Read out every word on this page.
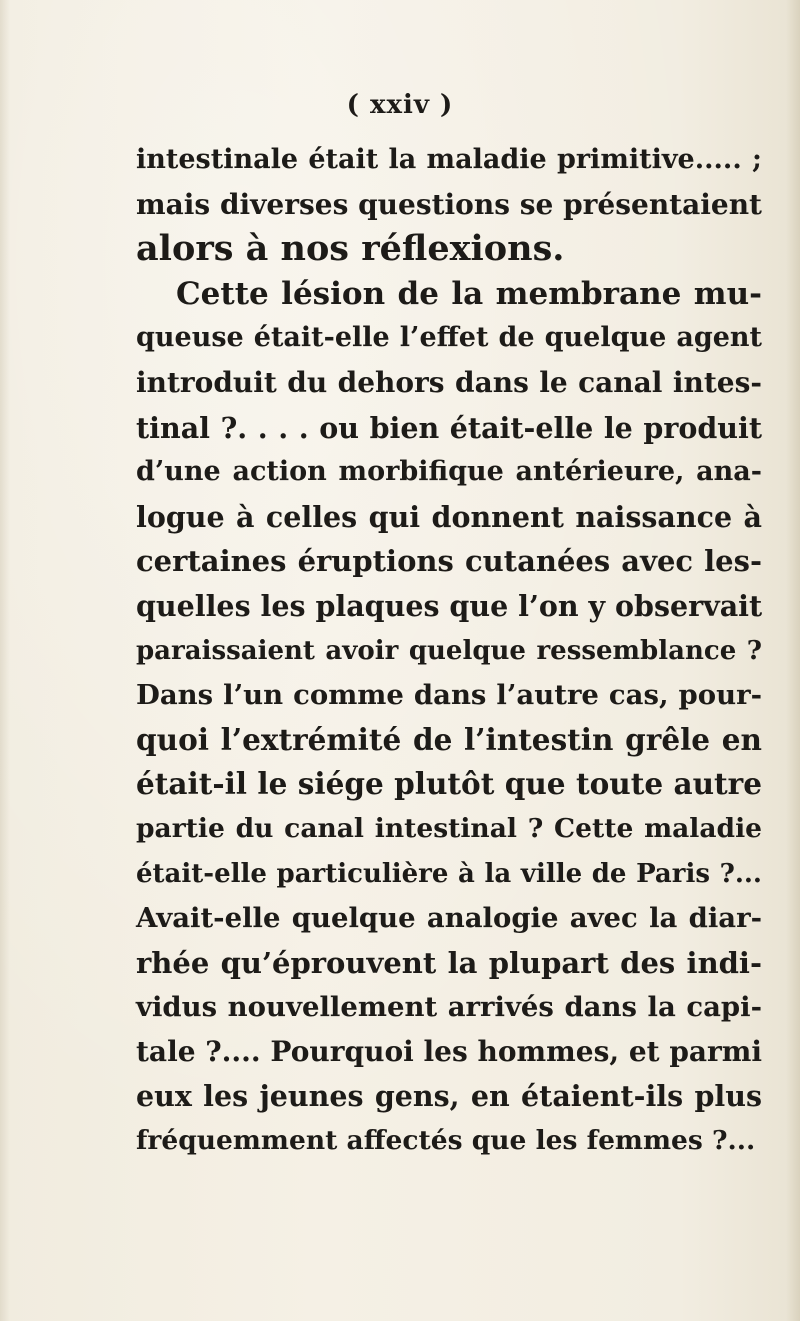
( xxiv )
intestinale était la maladie primitive..... ;
mais diverses questions se présentaient
alors à nos réflexions.
Cette lésion de la membrane mu-
queuse était-elle l’effet de quelque agent
introduit du dehors dans le canal intes-
tinal ?. . . . ou bien était-elle le produit
d’une action morbifique antérieure, ana-
logue à celles qui donnent naissance à
certaines éruptions cutanées avec les-
quelles les plaques que l’on y observait
paraissaient avoir quelque ressemblance ?
Dans l’un comme dans l’autre cas, pour-
quoi l’extrémité de l’intestin grêle en
était-il le siége plutôt que toute autre
partie du canal intestinal ? Cette maladie
était-elle particulière à la ville de Paris ?...
Avait-elle quelque analogie avec la diar-
rhée qu’éprouvent la plupart des indi-
vidus nouvellement arrivés dans la capi-
tale ?.... Pourquoi les hommes, et parmi
eux les jeunes gens, en étaient-ils plus
fréquemment affectés que les femmes ?...
